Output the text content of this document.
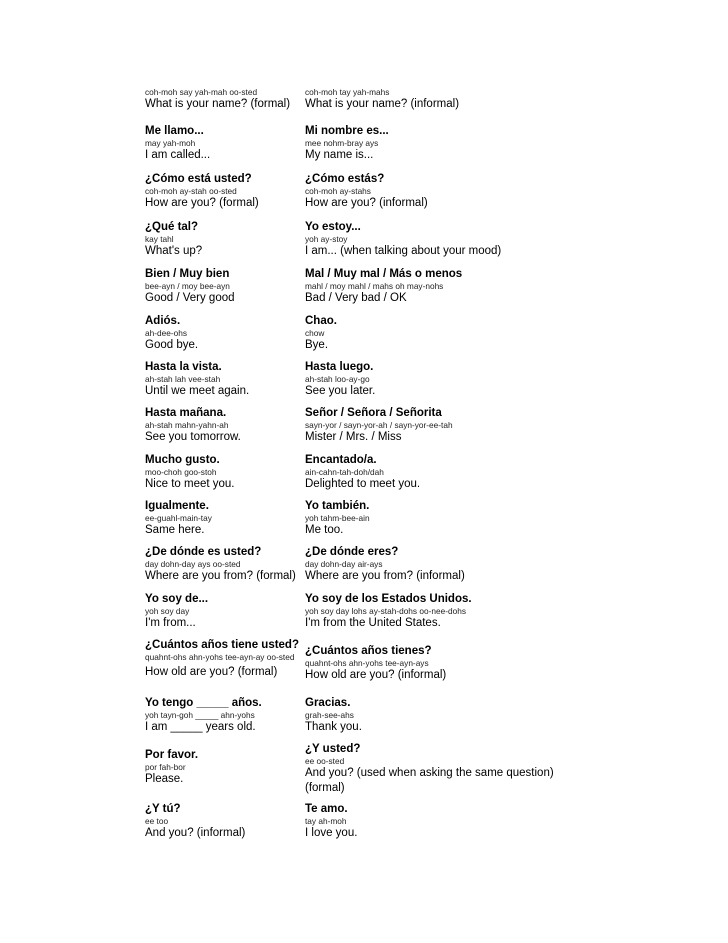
coh-moh say yah-mah oo-sted
What is your name? (formal)
coh-moh tay yah-mahs
What is your name? (informal)
Me llamo...
may yah-moh
I am called...
Mi nombre es...
mee nohm-bray ays
My name is...
¿Cómo está usted?
coh-moh ay-stah oo-sted
How are you? (formal)
¿Cómo estás?
coh-moh ay-stahs
How are you? (informal)
¿Qué tal?
kay tahl
What's up?
Yo estoy...
yoh ay-stoy
I am... (when talking about your mood)
Bien / Muy bien
bee-ayn / moy bee-ayn
Good / Very good
Mal / Muy mal / Más o menos
mahl / moy mahl / mahs oh may-nohs
Bad / Very bad / OK
Adiós.
ah-dee-ohs
Good bye.
Chao.
chow
Bye.
Hasta la vista.
ah-stah lah vee-stah
Until we meet again.
Hasta luego.
ah-stah loo-ay-go
See you later.
Hasta mañana.
ah-stah mahn-yahn-ah
See you tomorrow.
Señor / Señora / Señorita
sayn-yor / sayn-yor-ah / sayn-yor-ee-tah
Mister / Mrs. / Miss
Mucho gusto.
moo-choh goo-stoh
Nice to meet you.
Encantado/a.
ain-cahn-tah-doh/dah
Delighted to meet you.
Igualmente.
ee-guahl-main-tay
Same here.
Yo también.
yoh tahm-bee-ain
Me too.
¿De dónde es usted?
day dohn-day ays oo-sted
Where are you from? (formal)
¿De dónde eres?
day dohn-day air-ays
Where are you from? (informal)
Yo soy de...
yoh soy day
I'm from...
Yo soy de los Estados Unidos.
yoh soy day lohs ay-stah-dohs oo-nee-dohs
I'm from the United States.
¿Cuántos años tiene usted?
quahnt-ohs ahn-yohs tee-ayn-ay oo-sted
How old are you? (formal)
¿Cuántos años tienes?
quahnt-ohs ahn-yohs tee-ayn-ays
How old are you? (informal)
Yo tengo _____ años.
yoh tayn-goh _____ ahn-yohs
I am _____ years old.
Gracias.
grah-see-ahs
Thank you.
Por favor.
por fah-bor
Please.
¿Y usted?
ee oo-sted
And you? (used when asking the same question) (formal)
¿Y tú?
ee too
And you? (informal)
Te amo.
tay ah-moh
I love you.
